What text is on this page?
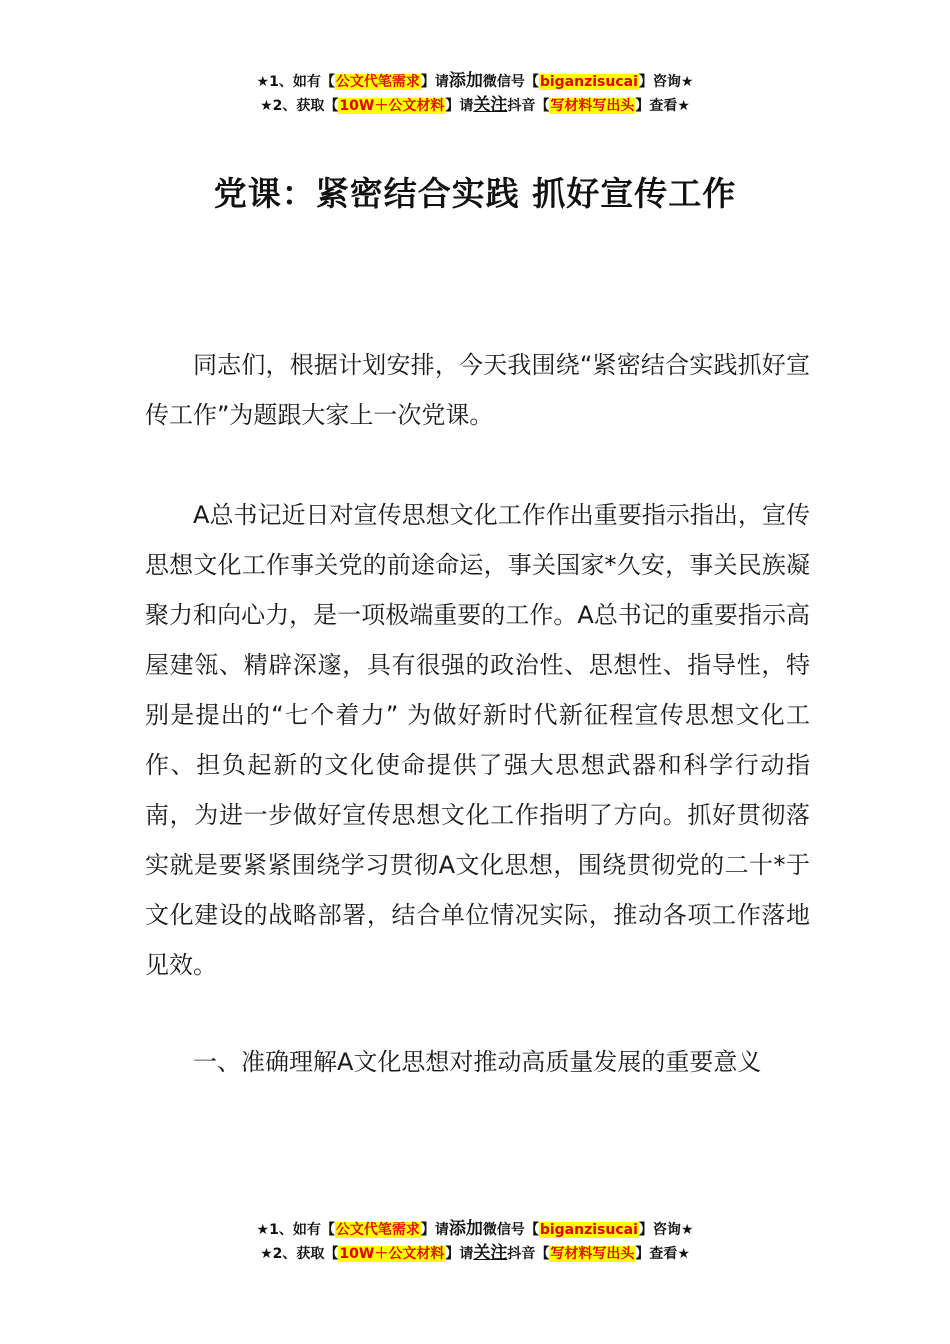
★1、如有【公文代笔需求】请添加微信号【biganzisucai】咨询★
★2、获取【10W＋公文材料】请关注抖音【写材料写出头】查看★
党课：紧密结合实践 抓好宣传工作

同志们，根据计划安排，今天我围绕“紧密结合实践抓好宣传工作”为题跟大家上一次党课。

A总书记近日对宣传思想文化工作作出重要指示指出，宣传思想文化工作事关党的前途命运，事关国家*久安，事关民族凝聚力和向心力，是一项极端重要的工作。A总书记的重要指示高屋建瓴、精辟深邃，具有很强的政治性、思想性、指导性，特别是提出的“七个着力” 为做好新时代新征程宣传思想文化工作、担负起新的文化使命提供了强大思想武器和科学行动指南，为进一步做好宣传思想文化工作指明了方向。抓好贯彻落实就是要紧紧围绕学习贯彻A文化思想，围绕贯彻党的二十*于文化建设的战略部署，结合单位情况实际，推动各项工作落地见效。

一、准确理解A文化思想对推动高质量发展的重要意义

★1、如有【公文代笔需求】请添加微信号【biganzisucai】咨询★
★2、获取【10W＋公文材料】请关注抖音【写材料写出头】查看★
